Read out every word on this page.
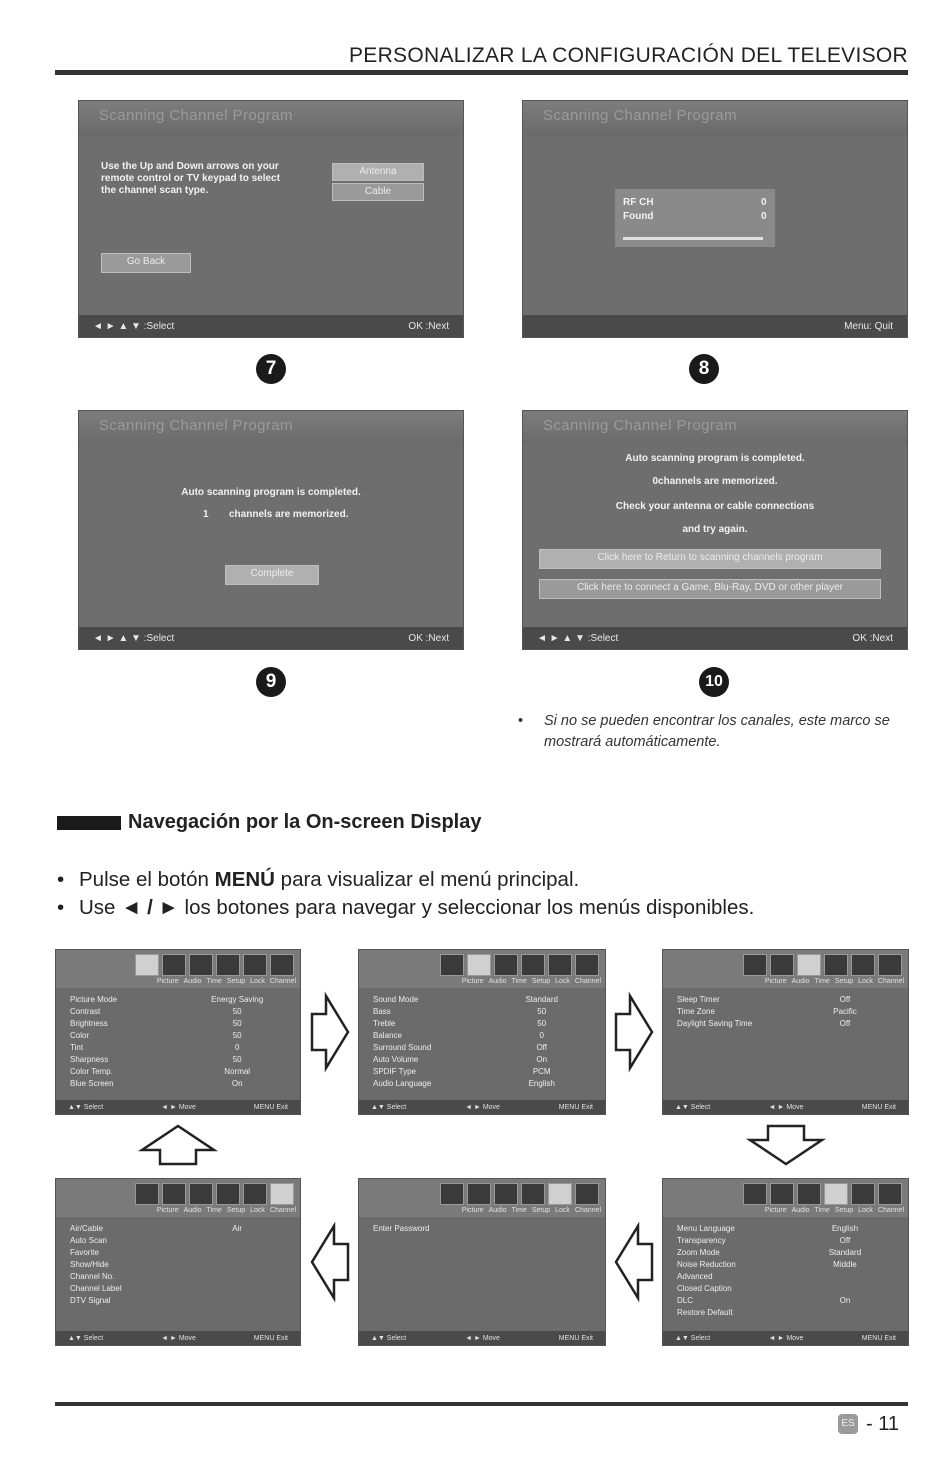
PERSONALIZAR LA CONFIGURACIÓN DEL TELEVISOR
Scanning Channel Program
Use the Up and Down arrows on your remote control or TV keypad to select the channel scan type.
Antenna
Cable
Go Back
◄ ► ▲ ▼ :Select	OK :Next
Scanning Channel Program
RF CH	0
Found	0
Menu: Quit
7	8
Scanning Channel Program
Auto scanning program is completed.
1 channels are memorized.
Complete
◄ ► ▲ ▼ :Select	OK :Next
Scanning Channel Program
Auto scanning program is completed.
0channels are memorized.
Check your antenna or cable connections
and try again.
Click here to Return to scanning channels program
Click here to connect a Game, Blu-Ray, DVD or other player
◄ ► ▲ ▼ :Select	OK :Next
9	10
•	Si no se pueden encontrar los canales, este marco se mostrará automáticamente.
Navegación por la On-screen Display
• Pulse el botón MENÚ para visualizar el menú principal.
• Use ◄ / ► los botones para navegar y seleccionar los menús disponibles.
Picture Audio Time Setup Lock Channel
Picture Mode	Energy Saving
Contrast	50
Brightness	50
Color	50
Tint	0
Sharpness	50
Color Temp.	Normal
Blue Screen	On
▲▼ Select	◄ ► Move	MENU Exit
Picture Audio Time Setup Lock Channel
Sound Mode	Standard
Bass	50
Treble	50
Balance	0
Surround Sound	Off
Auto Volume	On
SPDIF Type	PCM
Audio Language	English
▲▼ Select	◄ ► Move	MENU Exit
Picture Audio Time Setup Lock Channel
Sleep Timer	Off
Time Zone	Pacific
Daylight Saving Time	Off
▲▼ Select	◄ ► Move	MENU Exit
Picture Audio Time Setup Lock Channel
Air/Cable	Air
Auto Scan
Favorite
Show/Hide
Channel No.
Channel Label
DTV Signal
▲▼ Select	◄ ► Move	MENU Exit
Picture Audio Time Setup Lock Channel
Enter Password
▲▼ Select	◄ ► Move	MENU Exit
Picture Audio Time Setup Lock Channel
Menu Language	English
Transparency	Off
Zoom Mode	Standard
Noise Reduction	Middle
Advanced
Closed Caption
DLC	On
Restore Default
▲▼ Select	◄ ► Move	MENU Exit
ES - 11
